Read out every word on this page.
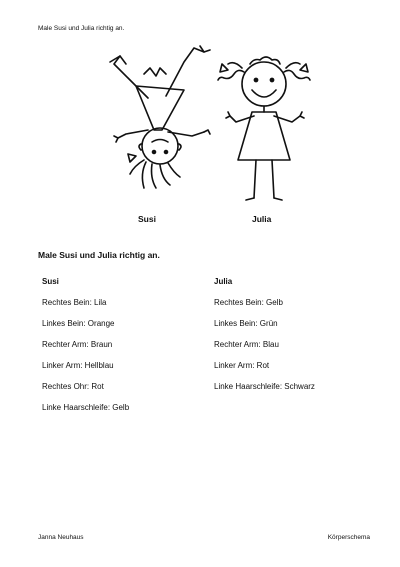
Male Susi und Julia richtig an.
Susi	Julia
Male Susi und Julia richtig an.
Susi
Rechtes Bein: Lila
Linkes Bein: Orange
Rechter Arm: Braun
Linker Arm: Hellblau
Rechtes Ohr: Rot
Linke Haarschleife: Gelb
Julia
Rechtes Bein: Gelb
Linkes Bein: Grün
Rechter Arm: Blau
Linker Arm: Rot
Linke Haarschleife: Schwarz
Janna Neuhaus	Körperschema
